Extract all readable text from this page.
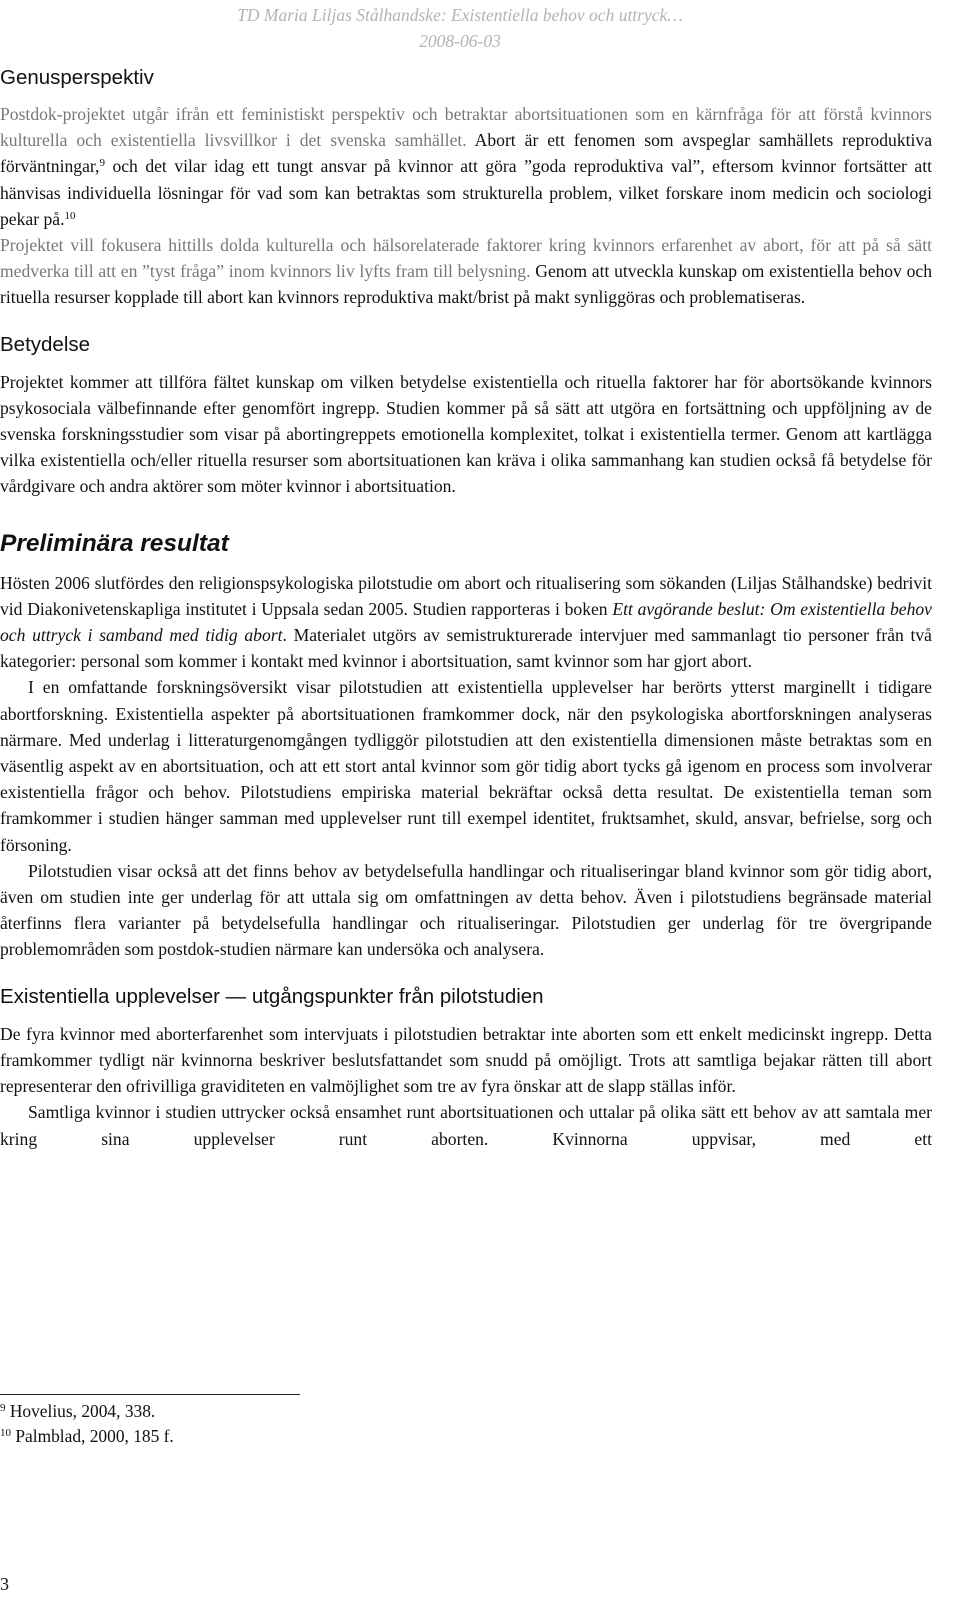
TD Maria Liljas Stålhandske: Existentiella behov och uttryck…
2008-06-03
Genusperspektiv

Postdok-projektet utgår ifrån ett feministiskt perspektiv och betraktar abortsituationen som en kärnfråga för att förstå kvinnors kulturella och existentiella livsvillkor i det svenska samhället. Abort är ett fenomen som avspeglar samhällets reproduktiva förväntningar,$^9$ och det vilar idag ett tungt ansvar på kvinnor att göra ”goda reproduktiva val”, eftersom kvinnor fortsätter att hänvisas individuella lösningar för vad som kan betraktas som strukturella problem, vilket forskare inom medicin och sociologi pekar på.$^{10}$

Projektet vill fokusera hittills dolda kulturella och hälsorelaterade faktorer kring kvinnors erfarenhet av abort, för att på så sätt medverka till att en ”tyst fråga” inom kvinnors liv lyfts fram till belysning. Genom att utveckla kunskap om existentiella behov och rituella resurser kopplade till abort kan kvinnors reproduktiva makt/brist på makt synliggöras och problematiseras.

Betydelse

Projektet kommer att tillföra fältet kunskap om vilken betydelse existentiella och rituella faktorer har för abortsökande kvinnors psykosociala välbefinnande efter genomfört ingrepp. Studien kommer på så sätt att utgöra en fortsättning och uppföljning av de svenska forskningsstudier som visar på abortingreppets emotionella komplexitet, tolkat i existentiella termer. Genom att kartlägga vilka existentiella och/eller rituella resurser som abortsituationen kan kräva i olika sammanhang kan studien också få betydelse för vårdgivare och andra aktörer som möter kvinnor i abortsituation.

Preliminära resultat

Hösten 2006 slutfördes den religionspsykologiska pilotstudie om abort och ritualisering som sökanden (Liljas Stålhandske) bedrivit vid Diakonivetenskapliga institutet i Uppsala sedan 2005. Studien rapporteras i boken Ett avgörande beslut: Om existentiella behov och uttryck i samband med tidig abort. Materialet utgörs av semistrukturerade intervjuer med sammanlagt tio personer från två kategorier: personal som kommer i kontakt med kvinnor i abortsituation, samt kvinnor som har gjort abort.

I en omfattande forskningsöversikt visar pilotstudien att existentiella upplevelser har berörts ytterst marginellt i tidigare abortforskning. Existentiella aspekter på abortsituationen framkommer dock, när den psykologiska abortforskningen analyseras närmare. Med underlag i litteraturgenomgången tydliggör pilotstudien att den existentiella dimensionen måste betraktas som en väsentlig aspekt av en abortsituation, och att ett stort antal kvinnor som gör tidig abort tycks gå igenom en process som involverar existentiella frågor och behov. Pilotstudiens empiriska material bekräftar också detta resultat. De existentiella teman som framkommer i studien hänger samman med upplevelser runt till exempel identitet, fruktsamhet, skuld, ansvar, befrielse, sorg och försoning.

Pilotstudien visar också att det finns behov av betydelsefulla handlingar och ritualiseringar bland kvinnor som gör tidig abort, även om studien inte ger underlag för att uttala sig om omfattningen av detta behov. Även i pilotstudiens begränsade material återfinns flera varianter på betydelsefulla handlingar och ritualiseringar. Pilotstudien ger underlag för tre övergripande problemområden som postdok-studien närmare kan undersöka och analysera.

Existentiella upplevelser — utgångspunkter från pilotstudien

De fyra kvinnor med aborterfarenhet som intervjuats i pilotstudien betraktar inte aborten som ett enkelt medicinskt ingrepp. Detta framkommer tydligt när kvinnorna beskriver beslutsfattandet som snudd på omöjligt. Trots att samtliga bejakar rätten till abort representerar den ofrivilliga graviditeten en valmöjlighet som tre av fyra önskar att de slapp ställas inför.

Samtliga kvinnor i studien uttrycker också ensamhet runt abortsituationen och uttalar på olika sätt ett behov av att samtala mer kring sina upplevelser runt aborten. Kvinnorna uppvisar, med ett

$^9$ Hovelius, 2004, 338.
$^{10}$ Palmblad, 2000, 185 f.
3
